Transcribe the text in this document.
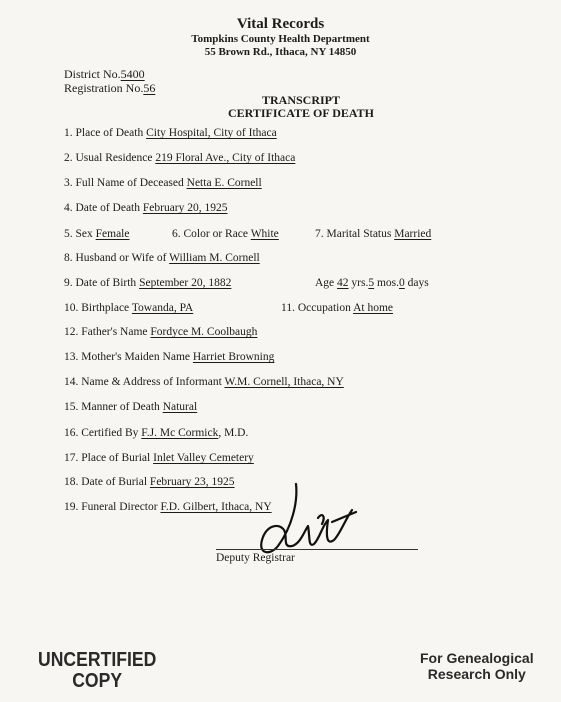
Vital Records
Tompkins County Health Department
55 Brown Rd., Ithaca, NY 14850
District No.5400
Registration No.56
TRANSCRIPT
CERTIFICATE OF DEATH
1. Place of Death City Hospital, City of Ithaca
2. Usual Residence 219 Floral Ave., City of Ithaca
3. Full Name of Deceased Netta E. Cornell
4. Date of Death February 20, 1925
5. Sex Female	6. Color or Race White	7. Marital Status Married
8. Husband or Wife of William M. Cornell
9. Date of Birth September 20, 1882	Age 42 yrs.5 mos.0 days
10. Birthplace Towanda, PA	11. Occupation At home
12. Father's Name Fordyce M. Coolbaugh
13. Mother's Maiden Name Harriet Browning
14. Name & Address of Informant W.M. Cornell, Ithaca, NY
15. Manner of Death Natural
16. Certified By F.J. Mc Cormick, M.D.
17. Place of Burial Inlet Valley Cemetery
18. Date of Burial February 23, 1925
19. Funeral Director F.D. Gilbert, Ithaca, NY
Deputy Registrar
UNCERTIFIED
COPY
For Genealogical
Research Only
